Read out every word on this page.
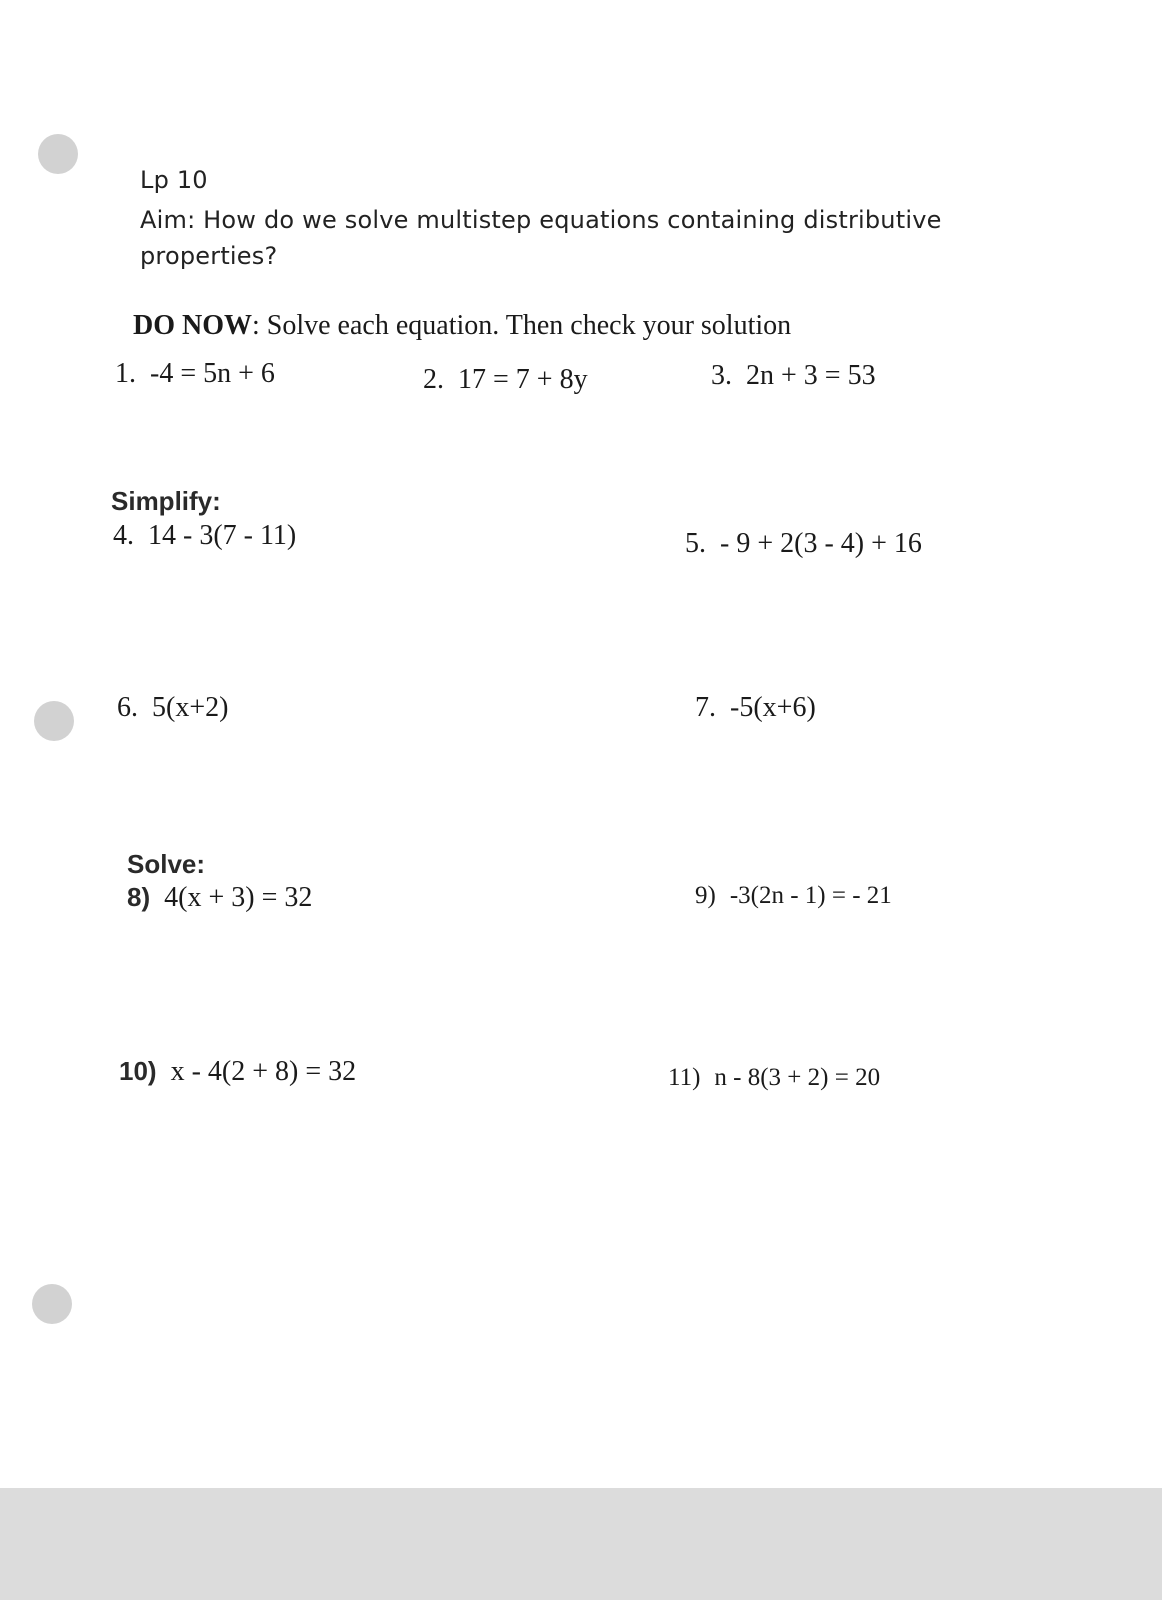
Lp 10
Aim: How do we solve multistep equations containing distributive
properties?
DO NOW: Solve each equation. Then check your solution
1. -4 = 5n + 6	2. 17 = 7 + 8y	3. 2n + 3 = 53
Simplify:
4. 14 - 3(7 - 11)	5. - 9 + 2(3 - 4) + 16
6. 5(x+2)	7. -5(x+6)
Solve:
8) 4(x + 3) = 32	9) -3(2n - 1) = - 21
10) x - 4(2 + 8) = 32	11) n - 8(3 + 2) = 20
